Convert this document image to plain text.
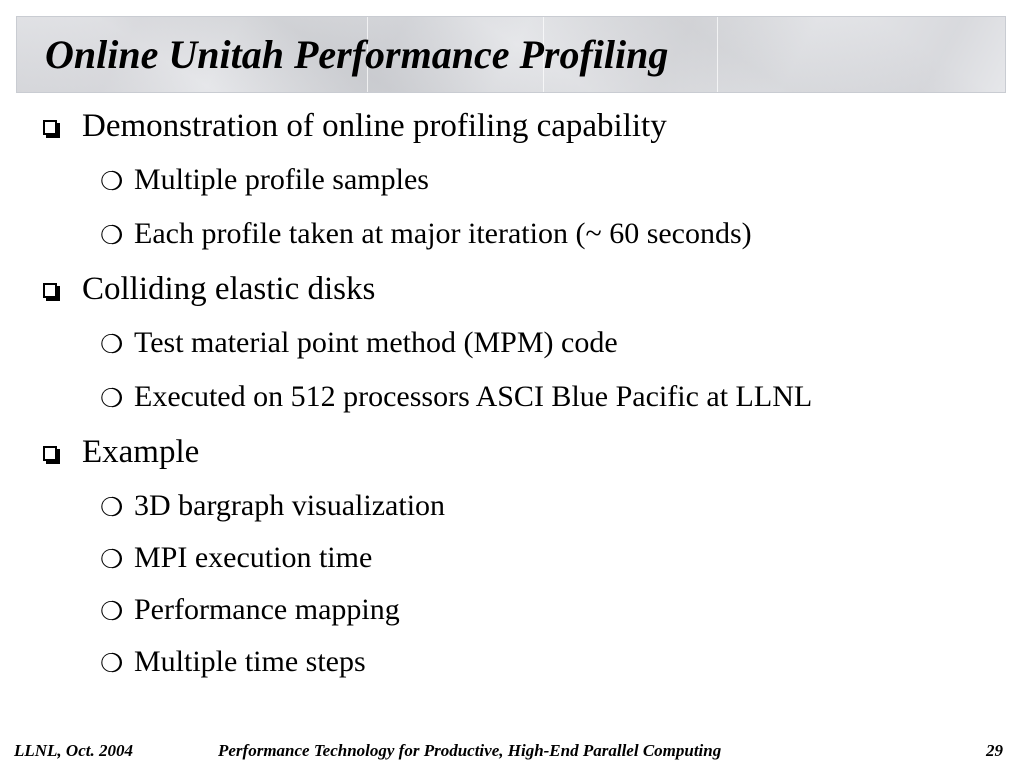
Online Unitah Performance Profiling
Demonstration of online profiling capability
❍ Multiple profile samples
❍ Each profile taken at major iteration (~ 60 seconds)
Colliding elastic disks
❍ Test material point method (MPM) code
❍ Executed on 512 processors ASCI Blue Pacific at LLNL
Example
❍ 3D bargraph visualization
❍ MPI execution time
❍ Performance mapping
❍ Multiple time steps
LLNL, Oct. 2004	Performance Technology for Productive, High-End Parallel Computing	29
